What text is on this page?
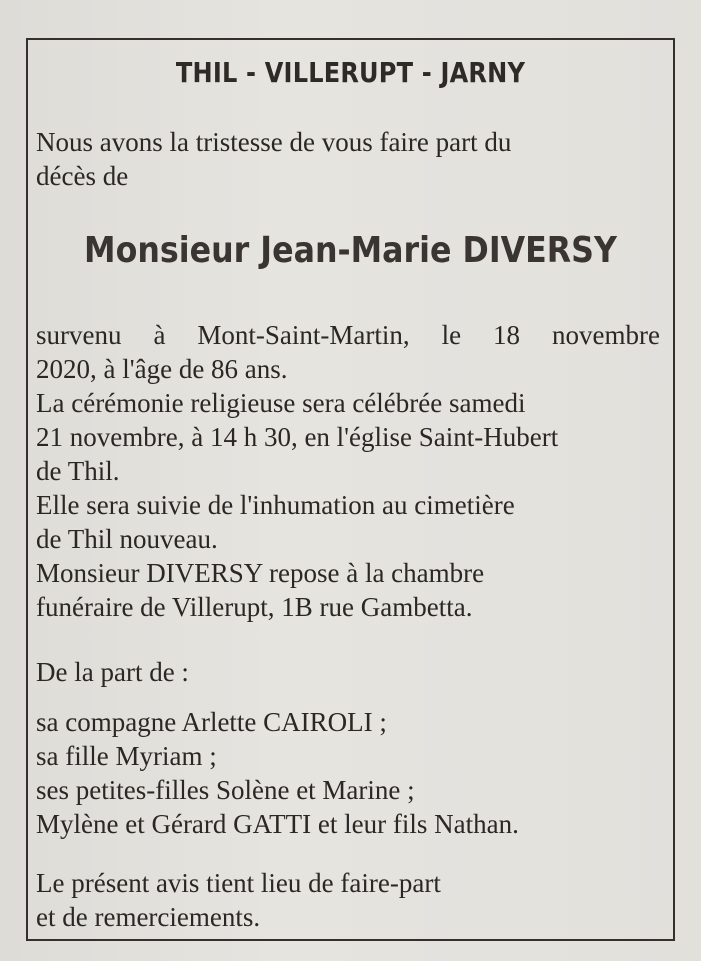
THIL - VILLERUPT - JARNY
Nous avons la tristesse de vous faire part du
décès de
Monsieur Jean-Marie DIVERSY
survenu à Mont-Saint-Martin, le 18 novembre
2020, à l'âge de 86 ans.
La cérémonie religieuse sera célébrée samedi
21 novembre, à 14 h 30, en l'église Saint-Hubert
de Thil.
Elle sera suivie de l'inhumation au cimetière
de Thil nouveau.
Monsieur DIVERSY repose à la chambre
funéraire de Villerupt, 1B rue Gambetta.
De la part de :
sa compagne Arlette CAIROLI ;
sa fille Myriam ;
ses petites-filles Solène et Marine ;
Mylène et Gérard GATTI et leur fils Nathan.
Le présent avis tient lieu de faire-part
et de remerciements.
